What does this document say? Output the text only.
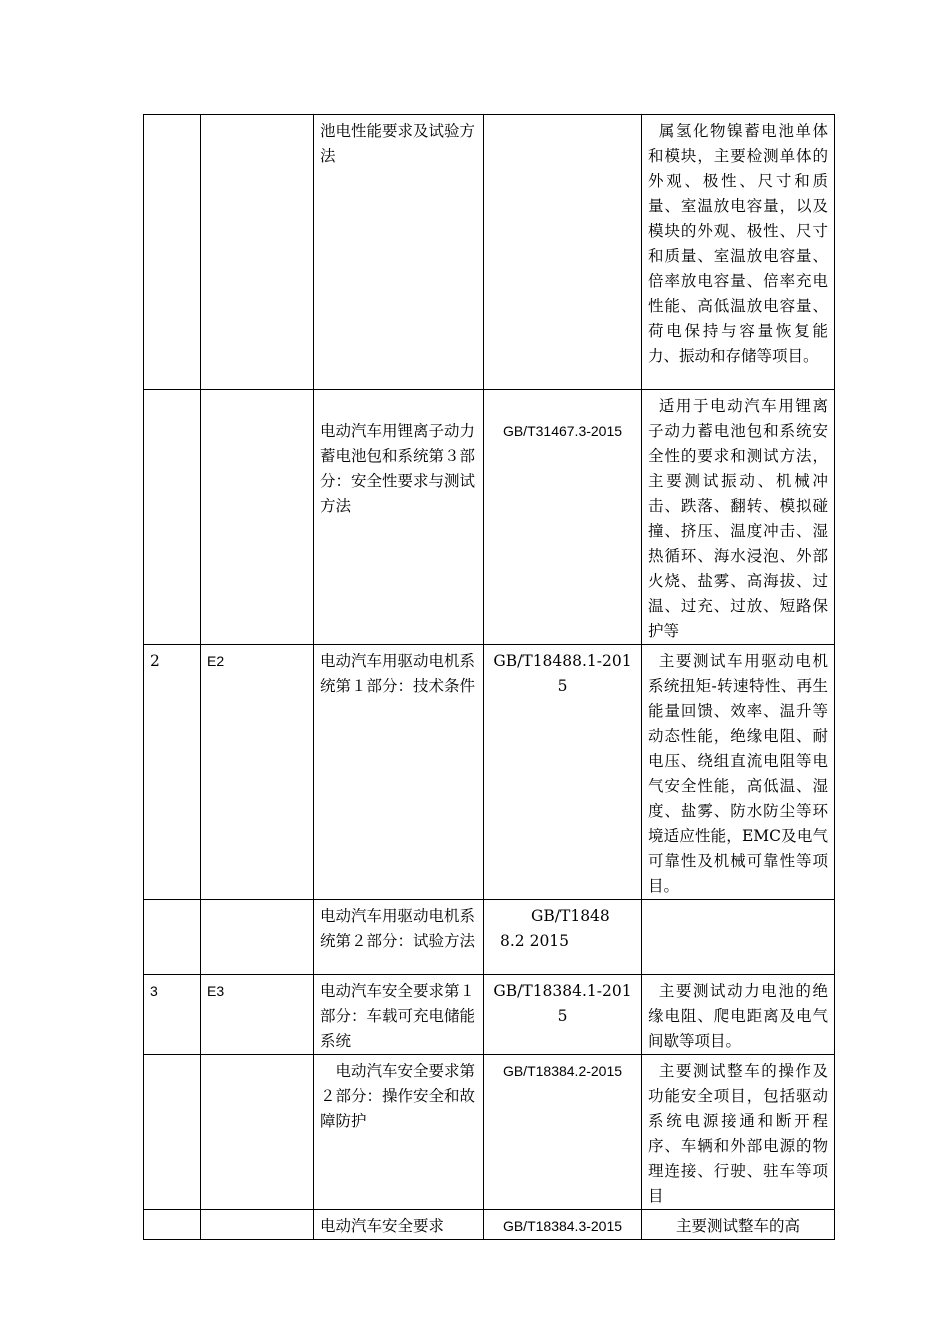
		池电性能要求及试验方法		属氢化物镍蓄电池单体和模块，主要检测单体的外观、极性、尺寸和质量、室温放电容量，以及模块的外观、极性、尺寸和质量、室温放电容量、倍率放电容量、倍率充电性能、高低温放电容量、荷电保持与容量恢复能力、振动和存储等项目。
		电动汽车用锂离子动力蓄电池包和系统第３部分：安全性要求与测试方法	GB/T31467.3-2015	适用于电动汽车用锂离子动力蓄电池包和系统安全性的要求和测试方法，主要测试振动、机械冲击、跌落、翻转、模拟碰撞、挤压、温度冲击、湿热循环、海水浸泡、外部火烧、盐雾、高海拔、过温、过充、过放、短路保护等
2	E2	电动汽车用驱动电机系统第１部分：技术条件	GB/T18488.1-2015	主要测试车用驱动电机系统扭矩-转速特性、再生能量回馈、效率、温升等动态性能，绝缘电阻、耐电压、绕组直流电阻等电气安全性能，高低温、湿度、盐雾、防水防尘等环境适应性能，EMC及电气可靠性及机械可靠性等项目。
		电动汽车用驱动电机系统第２部分：试验方法	GB/T18488.2 2015	
3	E3	电动汽车安全要求第１部分：车载可充电储能系统	GB/T18384.1-2015	主要测试动力电池的绝缘电阻、爬电距离及电气间歇等项目。
		电动汽车安全要求第２部分：操作安全和故障防护	GB/T18384.2-2015	主要测试整车的操作及功能安全项目，包括驱动系统电源接通和断开程序、车辆和外部电源的物理连接、行驶、驻车等项目
		电动汽车安全要求	GB/T18384.3-2015	主要测试整车的高
